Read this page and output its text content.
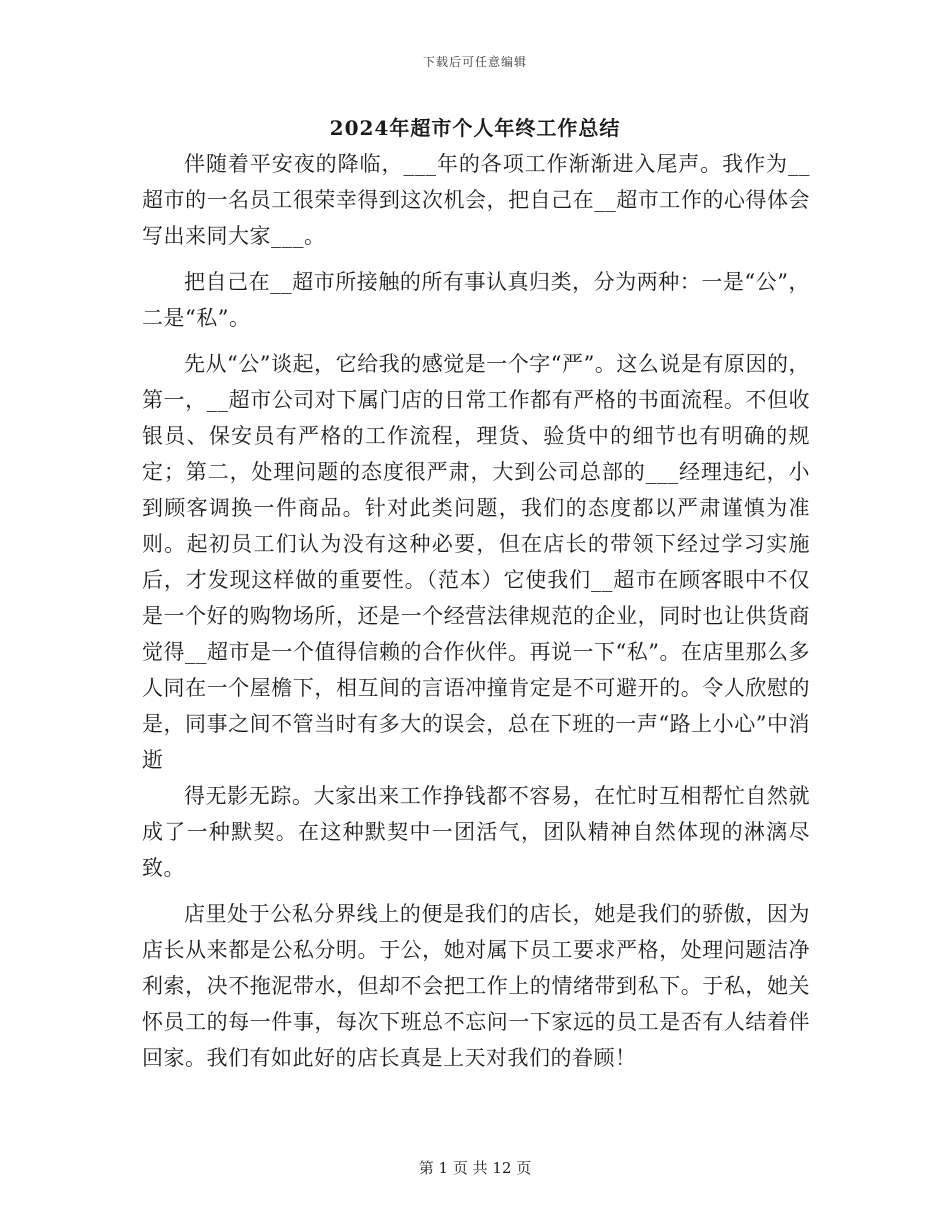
下载后可任意编辑
2024年超市个人年终工作总结

伴随着平安夜的降临，___年的各项工作渐渐进入尾声。我作为__超市的一名员工很荣幸得到这次机会，把自己在__超市工作的心得体会写出来同大家___。

把自己在__超市所接触的所有事认真归类，分为两种：一是“公”，二是“私”。

先从“公”谈起，它给我的感觉是一个字“严”。这么说是有原因的，第一，__超市公司对下属门店的日常工作都有严格的书面流程。不但收银员、保安员有严格的工作流程，理货、验货中的细节也有明确的规定；第二，处理问题的态度很严肃，大到公司总部的___经理违纪，小到顾客调换一件商品。针对此类问题，我们的态度都以严肃谨慎为准则。起初员工们认为没有这种必要，但在店长的带领下经过学习实施后，才发现这样做的重要性。（范本）它使我们__超市在顾客眼中不仅是一个好的购物场所，还是一个经营法律规范的企业，同时也让供货商觉得__超市是一个值得信赖的合作伙伴。再说一下“私”。在店里那么多人同在一个屋檐下，相互间的言语冲撞肯定是不可避开的。令人欣慰的是，同事之间不管当时有多大的误会，总在下班的一声“路上小心”中消逝

得无影无踪。大家出来工作挣钱都不容易，在忙时互相帮忙自然就成了一种默契。在这种默契中一团活气，团队精神自然体现的淋漓尽致。

店里处于公私分界线上的便是我们的店长，她是我们的骄傲，因为店长从来都是公私分明。于公，她对属下员工要求严格，处理问题洁净利索，决不拖泥带水，但却不会把工作上的情绪带到私下。于私，她关怀员工的每一件事，每次下班总不忘问一下家远的员工是否有人结着伴回家。我们有如此好的店长真是上天对我们的眷顾！

第 1 页 共 12 页
